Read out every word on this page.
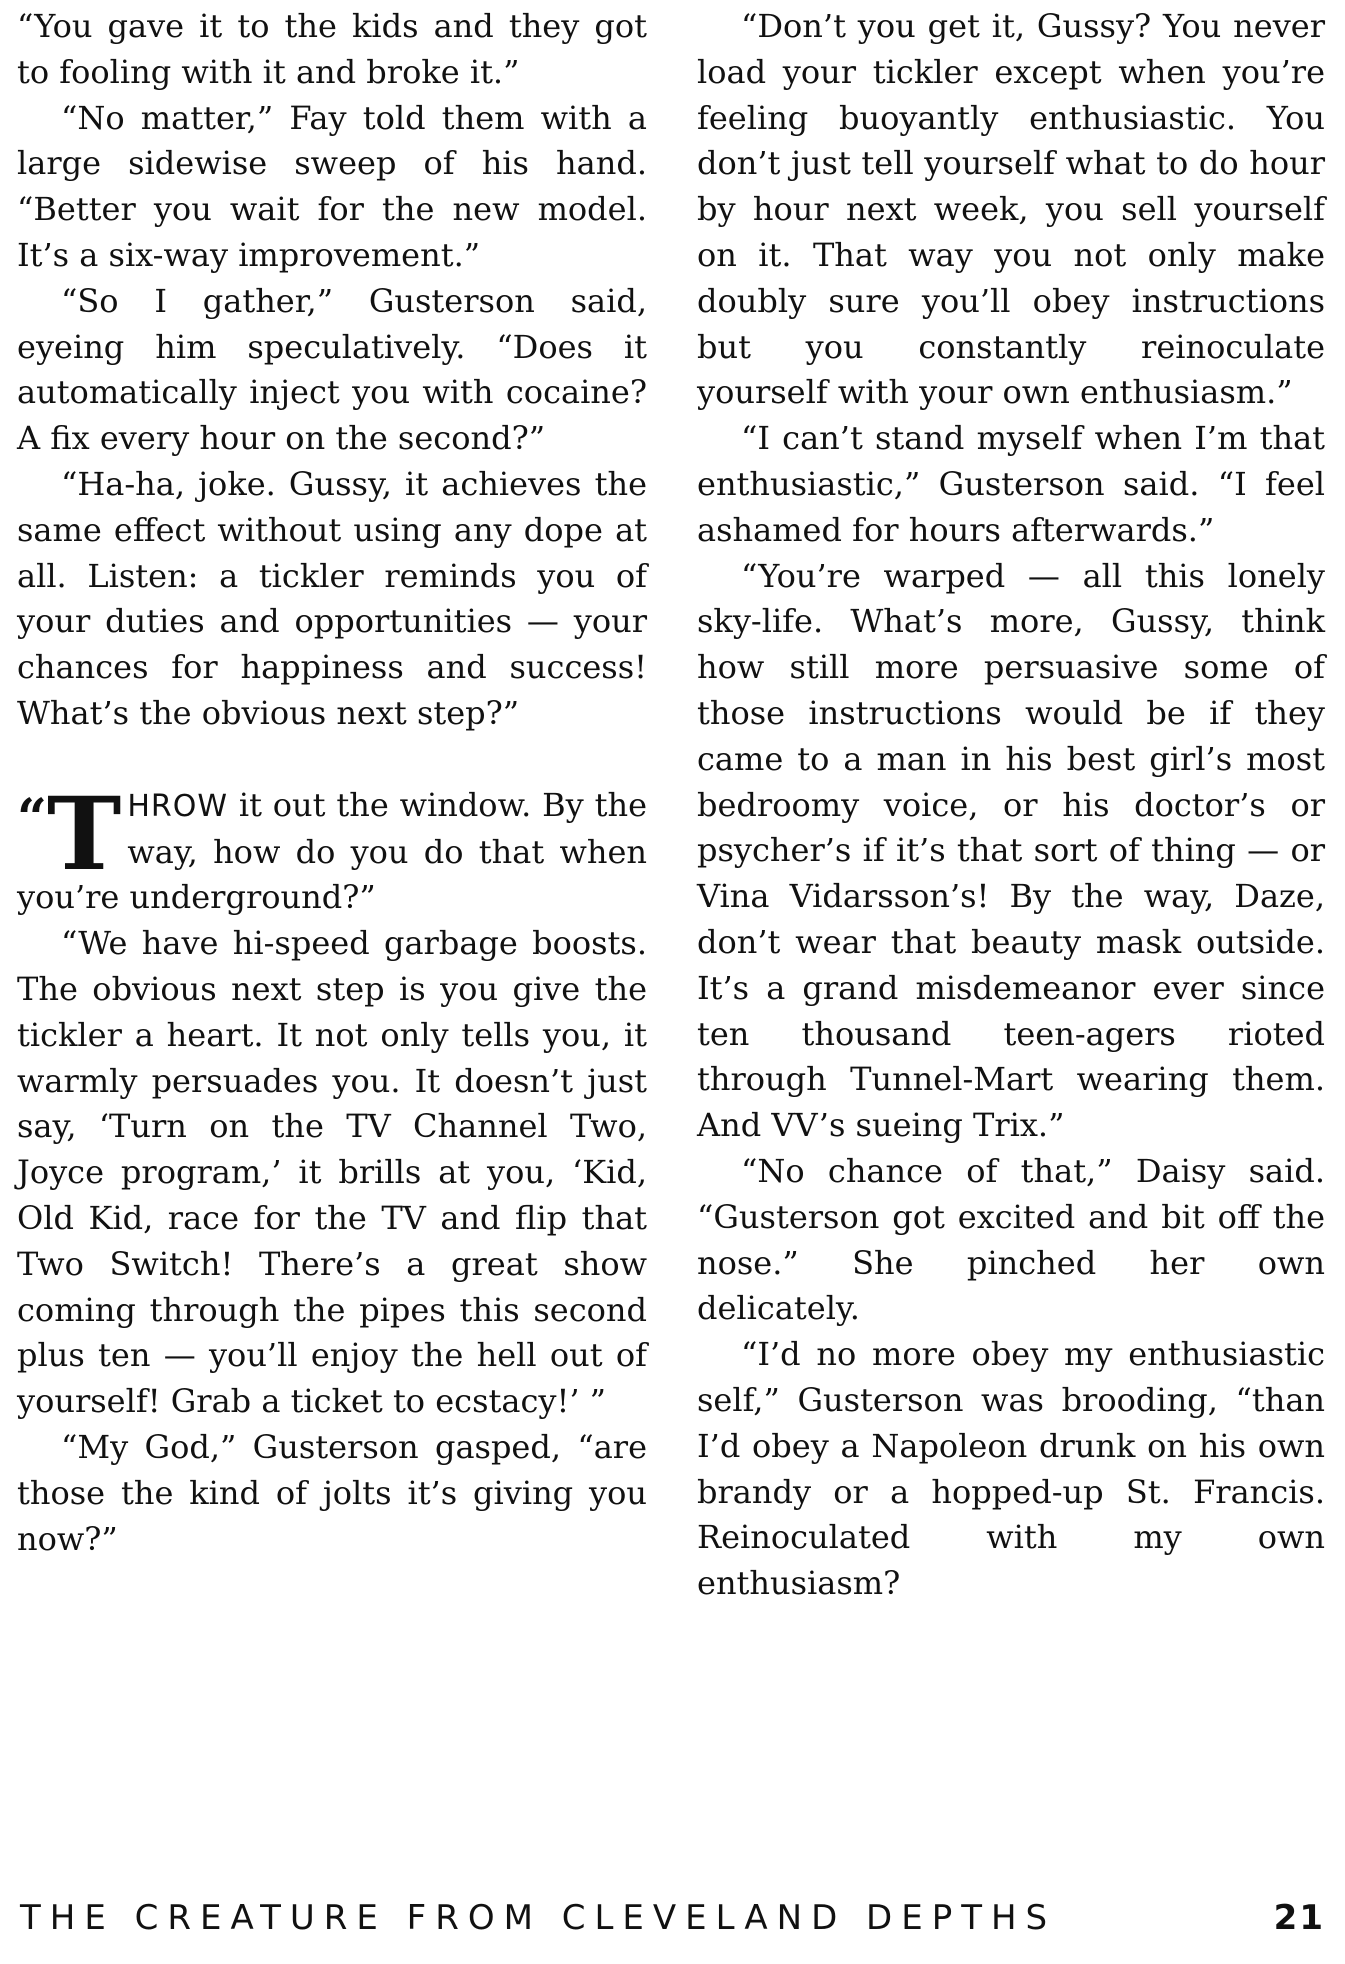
“You gave it to the kids and they got to fooling with it and broke it.”

“No matter,” Fay told them with a large sidewise sweep of his hand. “Better you wait for the new model. It’s a six-way improvement.”

“So I gather,” Gusterson said, eyeing him speculatively. “Does it automatically inject you with cocaine? A fix every hour on the second?”

“Ha-ha, joke. Gussy, it achieves the same effect without using any dope at all. Listen: a tickler reminds you of your duties and opportunities — your chances for happiness and success! What’s the obvious next step?”

“T HROW it out the window. By the way, how do you do that when you’re underground?”

“We have hi-speed garbage boosts. The obvious next step is you give the tickler a heart. It not only tells you, it warmly persuades you. It doesn’t just say, ‘Turn on the TV Channel Two, Joyce program,’ it brills at you, ‘Kid, Old Kid, race for the TV and flip that Two Switch! There’s a great show coming through the pipes this second plus ten — you’ll enjoy the hell out of yourself! Grab a ticket to ecstacy!’ ”

“My God,” Gusterson gasped, “are those the kind of jolts it’s giving you now?”

“Don’t you get it, Gussy? You never load your tickler except when you’re feeling buoyantly enthusiastic. You don’t just tell yourself what to do hour by hour next week, you sell yourself on it. That way you not only make doubly sure you’ll obey instructions but you constantly reinoculate yourself with your own enthusiasm.”

“I can’t stand myself when I’m that enthusiastic,” Gusterson said. “I feel ashamed for hours afterwards.”

“You’re warped — all this lonely sky-life. What’s more, Gussy, think how still more persuasive some of those instructions would be if they came to a man in his best girl’s most bedroomy voice, or his doctor’s or psycher’s if it’s that sort of thing — or Vina Vidarsson’s! By the way, Daze, don’t wear that beauty mask outside. It’s a grand misdemeanor ever since ten thousand teen-agers rioted through Tunnel-Mart wearing them. And VV’s sueing Trix.”

“No chance of that,” Daisy said. “Gusterson got excited and bit off the nose.” She pinched her own delicately.

“I’d no more obey my enthusiastic self,” Gusterson was brooding, “than I’d obey a Napoleon drunk on his own brandy or a hopped-up St. Francis. Reinoculated with my own enthusiasm?

THE CREATURE FROM CLEVELAND DEPTHS	21
